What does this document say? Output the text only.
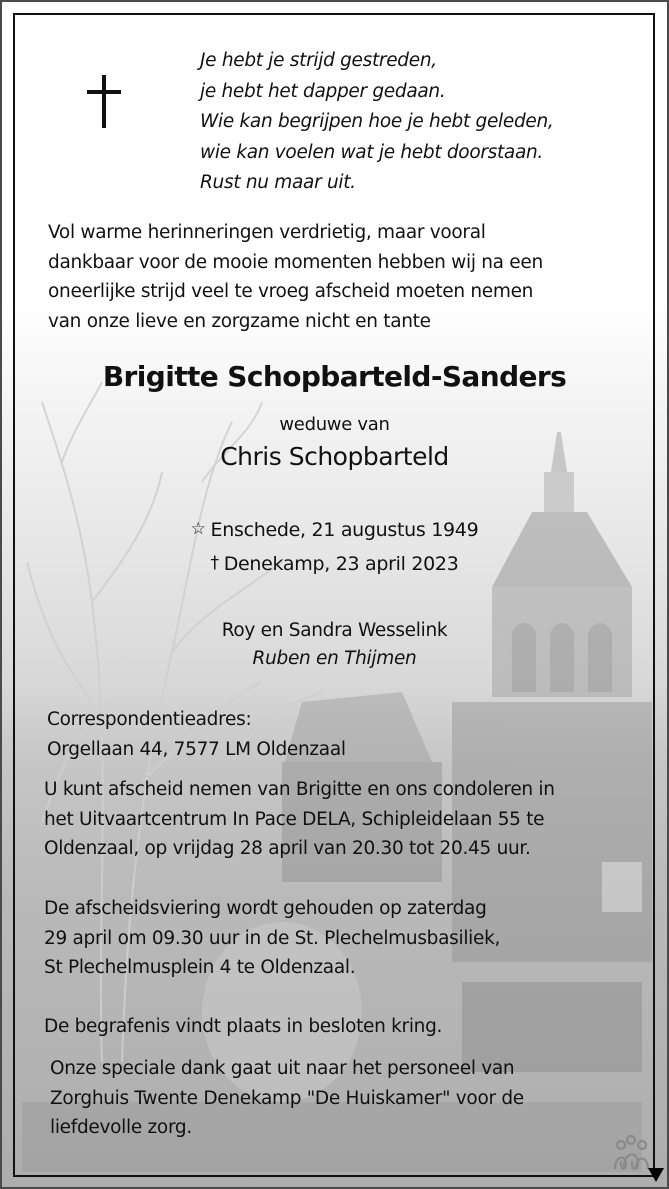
Je hebt je strijd gestreden,
je hebt het dapper gedaan.
Wie kan begrijpen hoe je hebt geleden,
wie kan voelen wat je hebt doorstaan.
Rust nu maar uit.
Vol warme herinneringen verdrietig, maar vooral
dankbaar voor de mooie momenten hebben wij na een
oneerlijke strijd veel te vroeg afscheid moeten nemen
van onze lieve en zorgzame nicht en tante
Brigitte Schopbarteld-Sanders
weduwe van
Chris Schopbarteld
☆ Enschede, 21 augustus 1949
† Denekamp, 23 april 2023
Roy en Sandra Wesselink
Ruben en Thijmen
Correspondentieadres:
Orgellaan 44, 7577 LM Oldenzaal
U kunt afscheid nemen van Brigitte en ons condoleren in
het Uitvaartcentrum In Pace DELA, Schipleidelaan 55 te
Oldenzaal, op vrijdag 28 april van 20.30 tot 20.45 uur.
De afscheidsviering wordt gehouden op zaterdag
29 april om 09.30 uur in de St. Plechelmusbasiliek,
St Plechelmusplein 4 te Oldenzaal.
De begrafenis vindt plaats in besloten kring.
Onze speciale dank gaat uit naar het personeel van
Zorghuis Twente Denekamp "De Huiskamer" voor de
liefdevolle zorg.
